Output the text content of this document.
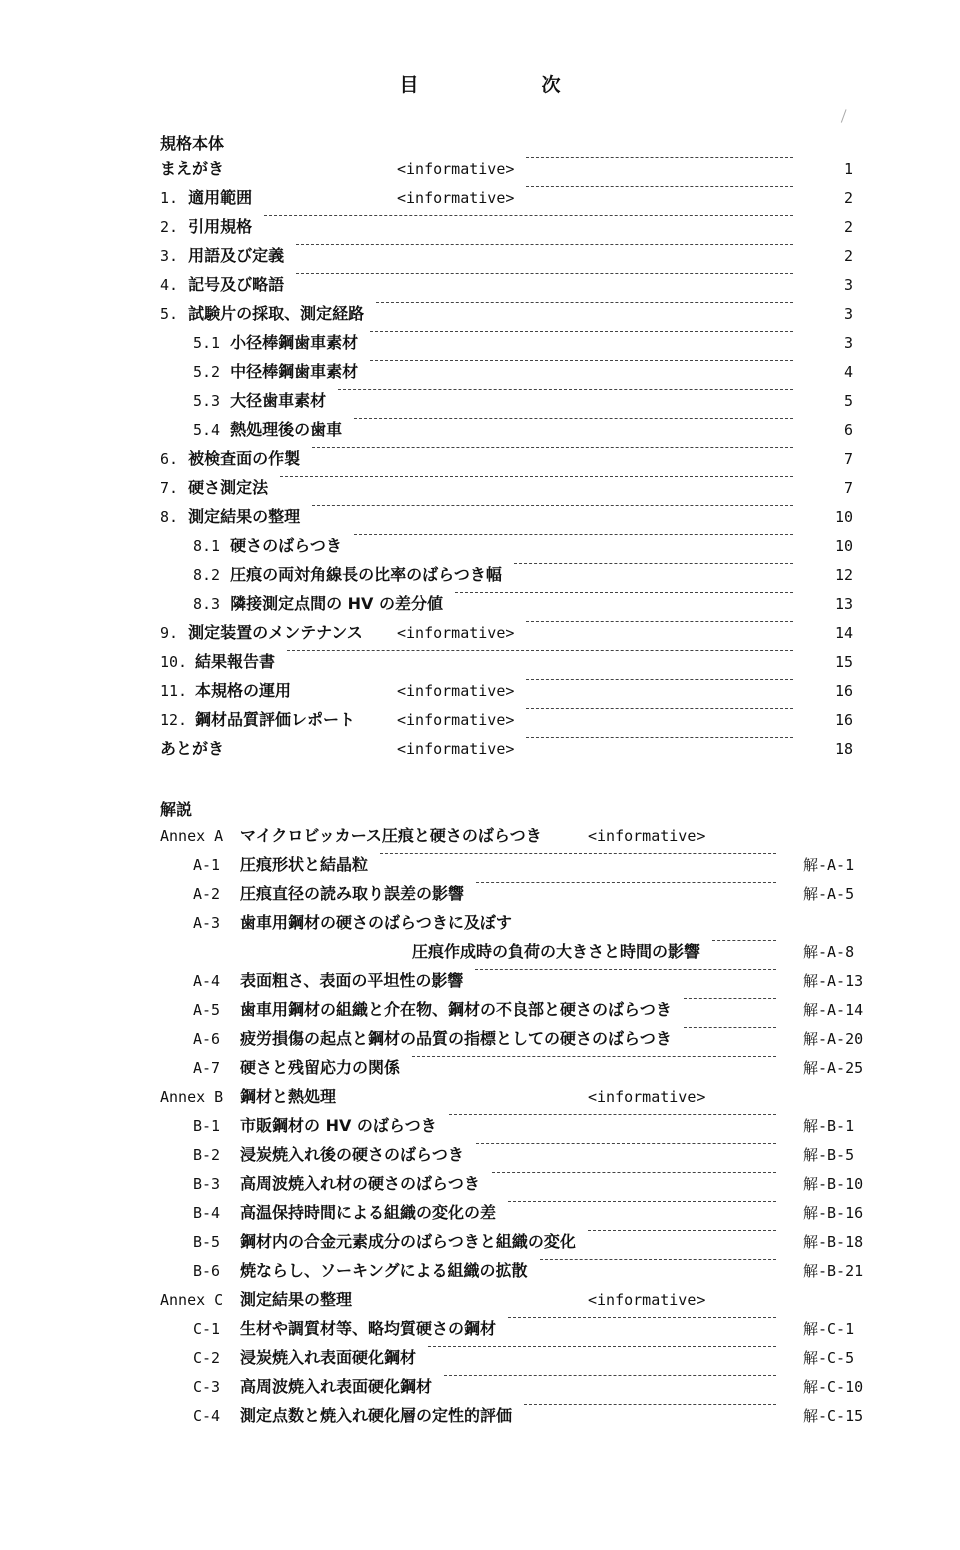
目　次
規格本体
まえがき	<informative>	1
1. 適用範囲	<informative>	2
2. 引用規格	2
3. 用語及び定義	2
4. 記号及び略語	3
5. 試験片の採取、測定経路	3
5.1 小径棒鋼歯車素材	3
5.2 中径棒鋼歯車素材	4
5.3 大径歯車素材	5
5.4 熱処理後の歯車	6
6. 被検査面の作製	7
7. 硬さ測定法	7
8. 測定結果の整理	10
8.1 硬さのばらつき	10
8.2 圧痕の両対角線長の比率のばらつき幅	12
8.3 隣接測定点間の HV の差分値	13
9. 測定装置のメンテナンス <informative>	14
10. 結果報告書	15
11. 本規格の運用	<informative>	16
12. 鋼材品質評価レポート	<informative>	16
あとがき	<informative>	18
解説
Annex A マイクロビッカース圧痕と硬さのばらつき	<informative>
A-1 圧痕形状と結晶粒	解-A-1
A-2 圧痕直径の読み取り誤差の影響	解-A-5
A-3 歯車用鋼材の硬さのばらつきに及ぼす
圧痕作成時の負荷の大きさと時間の影響	解-A-8
A-4 表面粗さ、表面の平坦性の影響	解-A-13
A-5 歯車用鋼材の組織と介在物、鋼材の不良部と硬さのばらつき	解-A-14
A-6 疲労損傷の起点と鋼材の品質の指標としての硬さのばらつき	解-A-20
A-7 硬さと残留応力の関係	解-A-25
Annex B 鋼材と熱処理	<informative>
B-1 市販鋼材の HV のばらつき	解-B-1
B-2 浸炭焼入れ後の硬さのばらつき	解-B-5
B-3 高周波焼入れ材の硬さのばらつき	解-B-10
B-4 高温保持時間による組織の変化の差	解-B-16
B-5 鋼材内の合金元素成分のばらつきと組織の変化	解-B-18
B-6 焼ならし、ソーキングによる組織の拡散	解-B-21
Annex C 測定結果の整理	<informative>
C-1 生材や調質材等、略均質硬さの鋼材	解-C-1
C-2 浸炭焼入れ表面硬化鋼材	解-C-5
C-3 高周波焼入れ表面硬化鋼材	解-C-10
C-4 測定点数と焼入れ硬化層の定性的評価	解-C-15
